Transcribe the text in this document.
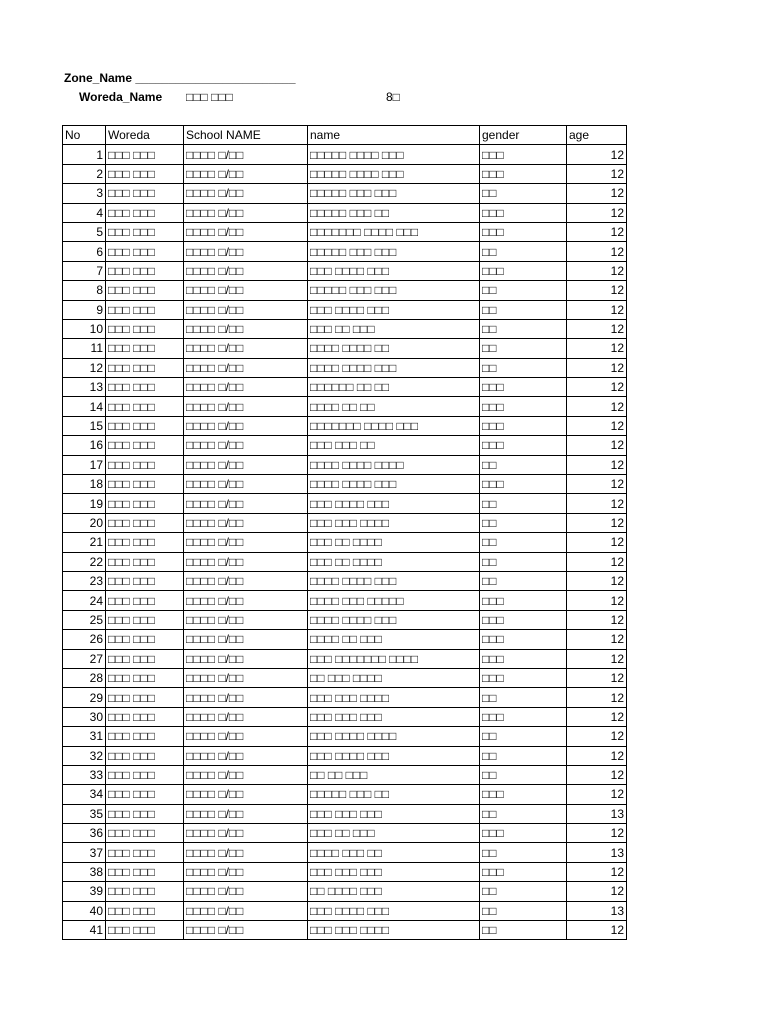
Zone_Name ________________________
Woreda_Name □□□ □□□	8□
No	Woreda	School NAME	name	gender	age
1	□□□ □□□	□□□□ □/□□	□□□□□ □□□□ □□□	□□□	12
2	□□□ □□□	□□□□ □/□□	□□□□□ □□□□ □□□	□□□	12
3	□□□ □□□	□□□□ □/□□	□□□□□ □□□ □□□	□□	12
4	□□□ □□□	□□□□ □/□□	□□□□□ □□□ □□	□□□	12
5	□□□ □□□	□□□□ □/□□	□□□□□□□ □□□□ □□□	□□□	12
6	□□□ □□□	□□□□ □/□□	□□□□□ □□□ □□□	□□	12
7	□□□ □□□	□□□□ □/□□	□□□ □□□□ □□□	□□□	12
8	□□□ □□□	□□□□ □/□□	□□□□□ □□□ □□□	□□	12
9	□□□ □□□	□□□□ □/□□	□□□ □□□□ □□□	□□	12
10	□□□ □□□	□□□□ □/□□	□□□ □□ □□□	□□	12
11	□□□ □□□	□□□□ □/□□	□□□□ □□□□ □□	□□	12
12	□□□ □□□	□□□□ □/□□	□□□□ □□□□ □□□	□□	12
13	□□□ □□□	□□□□ □/□□	□□□□□□ □□ □□	□□□	12
14	□□□ □□□	□□□□ □/□□	□□□□ □□ □□	□□□	12
15	□□□ □□□	□□□□ □/□□	□□□□□□□ □□□□ □□□	□□□	12
16	□□□ □□□	□□□□ □/□□	□□□ □□□ □□	□□□	12
17	□□□ □□□	□□□□ □/□□	□□□□ □□□□ □□□□	□□	12
18	□□□ □□□	□□□□ □/□□	□□□□ □□□□ □□□	□□□	12
19	□□□ □□□	□□□□ □/□□	□□□ □□□□ □□□	□□	12
20	□□□ □□□	□□□□ □/□□	□□□ □□□ □□□□	□□	12
21	□□□ □□□	□□□□ □/□□	□□□ □□ □□□□	□□	12
22	□□□ □□□	□□□□ □/□□	□□□ □□ □□□□	□□	12
23	□□□ □□□	□□□□ □/□□	□□□□ □□□□ □□□	□□	12
24	□□□ □□□	□□□□ □/□□	□□□□ □□□ □□□□□	□□□	12
25	□□□ □□□	□□□□ □/□□	□□□□ □□□□ □□□	□□□	12
26	□□□ □□□	□□□□ □/□□	□□□□ □□ □□□	□□□	12
27	□□□ □□□	□□□□ □/□□	□□□ □□□□□□□ □□□□	□□□	12
28	□□□ □□□	□□□□ □/□□	□□ □□□ □□□□	□□□	12
29	□□□ □□□	□□□□ □/□□	□□□ □□□ □□□□	□□	12
30	□□□ □□□	□□□□ □/□□	□□□ □□□ □□□	□□□	12
31	□□□ □□□	□□□□ □/□□	□□□ □□□□ □□□□	□□	12
32	□□□ □□□	□□□□ □/□□	□□□ □□□□ □□□	□□	12
33	□□□ □□□	□□□□ □/□□	□□ □□ □□□	□□	12
34	□□□ □□□	□□□□ □/□□	□□□□□ □□□ □□	□□□	12
35	□□□ □□□	□□□□ □/□□	□□□ □□□ □□□	□□	13
36	□□□ □□□	□□□□ □/□□	□□□ □□ □□□	□□□	12
37	□□□ □□□	□□□□ □/□□	□□□□ □□□ □□	□□	13
38	□□□ □□□	□□□□ □/□□	□□□ □□□ □□□	□□□	12
39	□□□ □□□	□□□□ □/□□	□□ □□□□ □□□	□□	12
40	□□□ □□□	□□□□ □/□□	□□□ □□□□ □□□	□□	13
41	□□□ □□□	□□□□ □/□□	□□□ □□□ □□□□	□□	12
